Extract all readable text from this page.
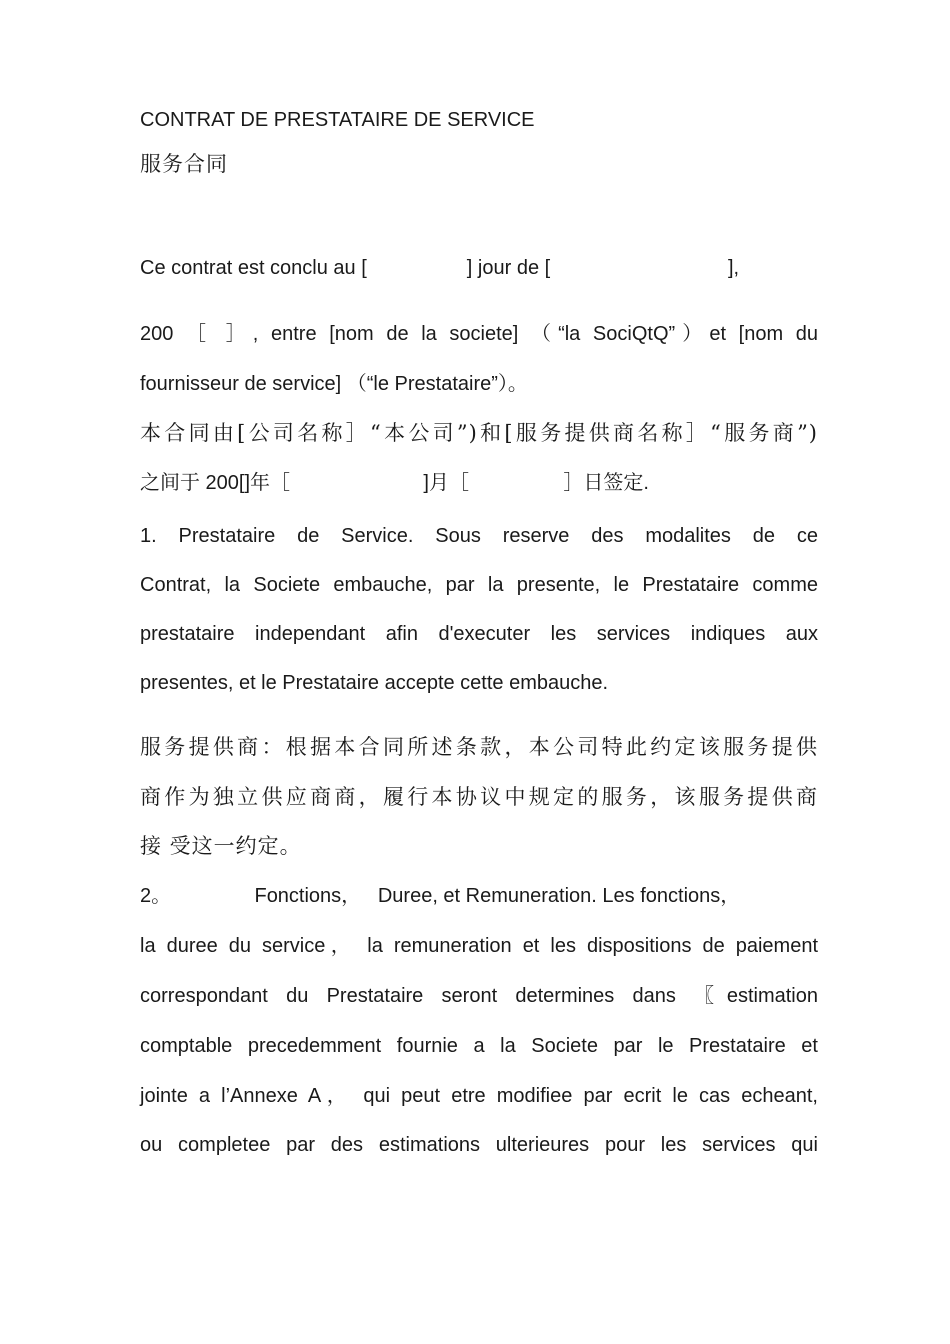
CONTRAT DE PRESTATAIRE DE SERVICE
服务合同
Ce contrat est conclu au [                  ] jour de [                                ],
200 ［ ］, entre [nom de la societe] （“la SociQtQ”）et [nom du
fournisseur de service] （“le Prestataire”）。
本合同由[公司名称］“本公司”)和[服务提供商名称］“服务商”)
之间于 200[]年［                        ]月［                 ］日签定.
1. Prestataire de Service. Sous reserve des modalites de ce
Contrat, la Societe embauche, par la presente, le Prestataire comme
prestataire independant afin d'executer les services indiques aux
presentes, et le Prestataire accepte cette embauche.
服务提供商：根据本合同所述条款，本公司特此约定该服务提供
商作为独立供应商商，履行本协议中规定的服务，该服务提供商
接 受这一约定。
2。               Fonctions，   Duree, et Remuneration. Les fonctions，
la duree du service， la remuneration et les dispositions de paiement
correspondant du Prestataire seront determines dans 〖estimation
comptable precedemment fournie a la Societe par le Prestataire et
jointe a l’Annexe A， qui peut etre modifiee par ecrit le cas echeant,
ou completee par des estimations ulterieures pour les services qui
